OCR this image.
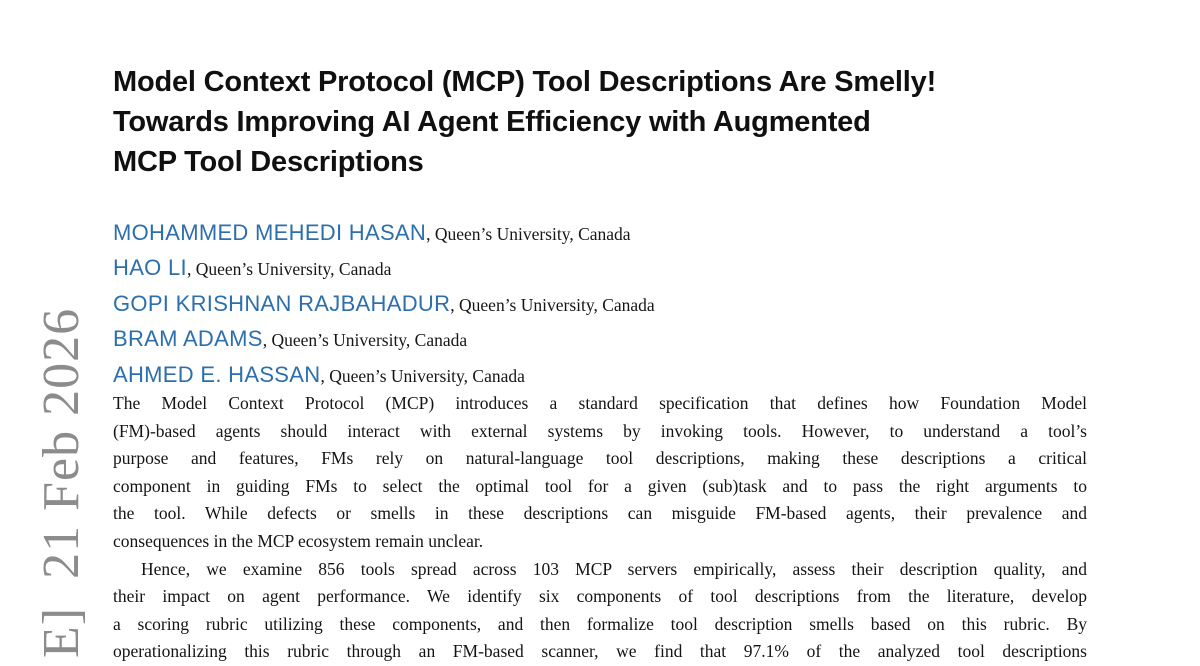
E]  21 Feb 2026
Model Context Protocol (MCP) Tool Descriptions Are Smelly!
Towards Improving AI Agent Efficiency with Augmented
MCP Tool Descriptions
MOHAMMED MEHEDI HASAN, Queen’s University, Canada
HAO LI, Queen’s University, Canada
GOPI KRISHNAN RAJBAHADUR, Queen’s University, Canada
BRAM ADAMS, Queen’s University, Canada
AHMED E. HASSAN, Queen’s University, Canada
The Model Context Protocol (MCP) introduces a standard specification that defines how Foundation Model
(FM)-based agents should interact with external systems by invoking tools. However, to understand a tool’s
purpose and features, FMs rely on natural-language tool descriptions, making these descriptions a critical
component in guiding FMs to select the optimal tool for a given (sub)task and to pass the right arguments to
the tool. While defects or smells in these descriptions can misguide FM-based agents, their prevalence and
consequences in the MCP ecosystem remain unclear.
Hence, we examine 856 tools spread across 103 MCP servers empirically, assess their description quality, and
their impact on agent performance. We identify six components of tool descriptions from the literature, develop
a scoring rubric utilizing these components, and then formalize tool description smells based on this rubric. By
operationalizing this rubric through an FM-based scanner, we find that 97.1% of the analyzed tool descriptions
